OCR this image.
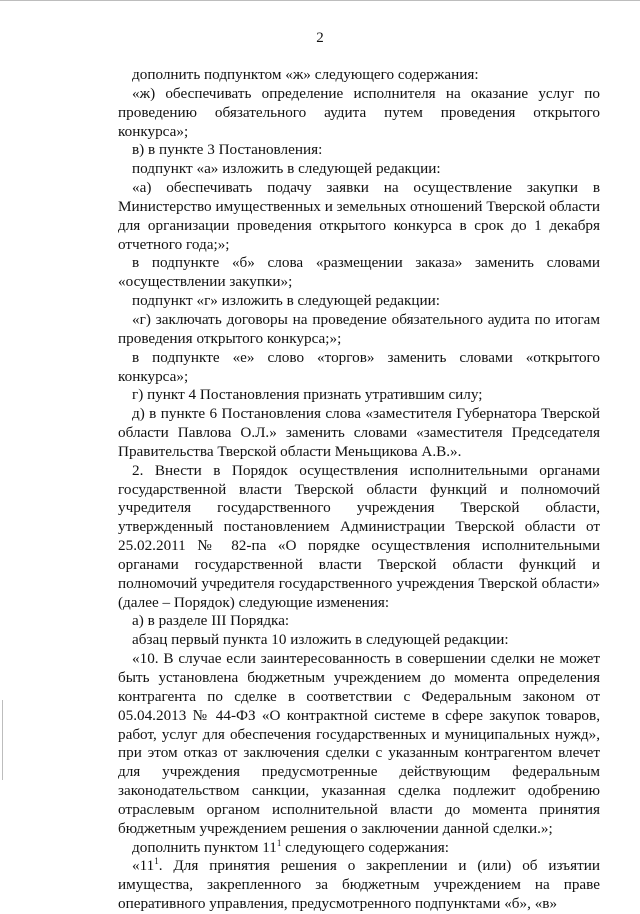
2

дополнить подпунктом «ж» следующего содержания:

«ж) обеспечивать определение исполнителя на оказание услуг по проведению обязательного аудита путем проведения открытого конкурса»;

в) в пункте 3 Постановления:

подпункт «а» изложить в следующей редакции:

«а) обеспечивать подачу заявки на осуществление закупки в Министерство имущественных и земельных отношений Тверской области для организации проведения открытого конкурса в срок до 1 декабря отчетного года;»;

в подпункте «б» слова «размещении заказа» заменить словами «осуществлении закупки»;

подпункт «г» изложить в следующей редакции:

«г) заключать договоры на проведение обязательного аудита по итогам проведения открытого конкурса;»;

в подпункте «е» слово «торгов» заменить словами «открытого конкурса»;

г) пункт 4 Постановления признать утратившим силу;

д) в пункте 6 Постановления слова «заместителя Губернатора Тверской области Павлова О.Л.» заменить словами «заместителя Председателя Правительства Тверской области Меньщикова А.В.».

2. Внести в Порядок осуществления исполнительными органами государственной власти Тверской области функций и полномочий учредителя государственного учреждения Тверской области, утвержденный постановлением Администрации Тверской области от 25.02.2011 № 82-па «О порядке осуществления исполнительными органами государственной власти Тверской области функций и полномочий учредителя государственного учреждения Тверской области» (далее – Порядок) следующие изменения:

а) в разделе III Порядка:

абзац первый пункта 10 изложить в следующей редакции:

«10. В случае если заинтересованность в совершении сделки не может быть установлена бюджетным учреждением до момента определения контрагента по сделке в соответствии с Федеральным законом от 05.04.2013 № 44-ФЗ «О контрактной системе в сфере закупок товаров, работ, услуг для обеспечения государственных и муниципальных нужд», при этом отказ от заключения сделки с указанным контрагентом влечет для учреждения предусмотренные действующим федеральным законодательством санкции, указанная сделка подлежит одобрению отраслевым органом исполнительной власти до момента принятия бюджетным учреждением решения о заключении данной сделки.»;

дополнить пунктом $11^1$ следующего содержания:

«$11^1$. Для принятия решения о закреплении и (или) об изъятии имущества, закрепленного за бюджетным учреждением на праве оперативного управления, предусмотренного подпунктами «б», «в»
